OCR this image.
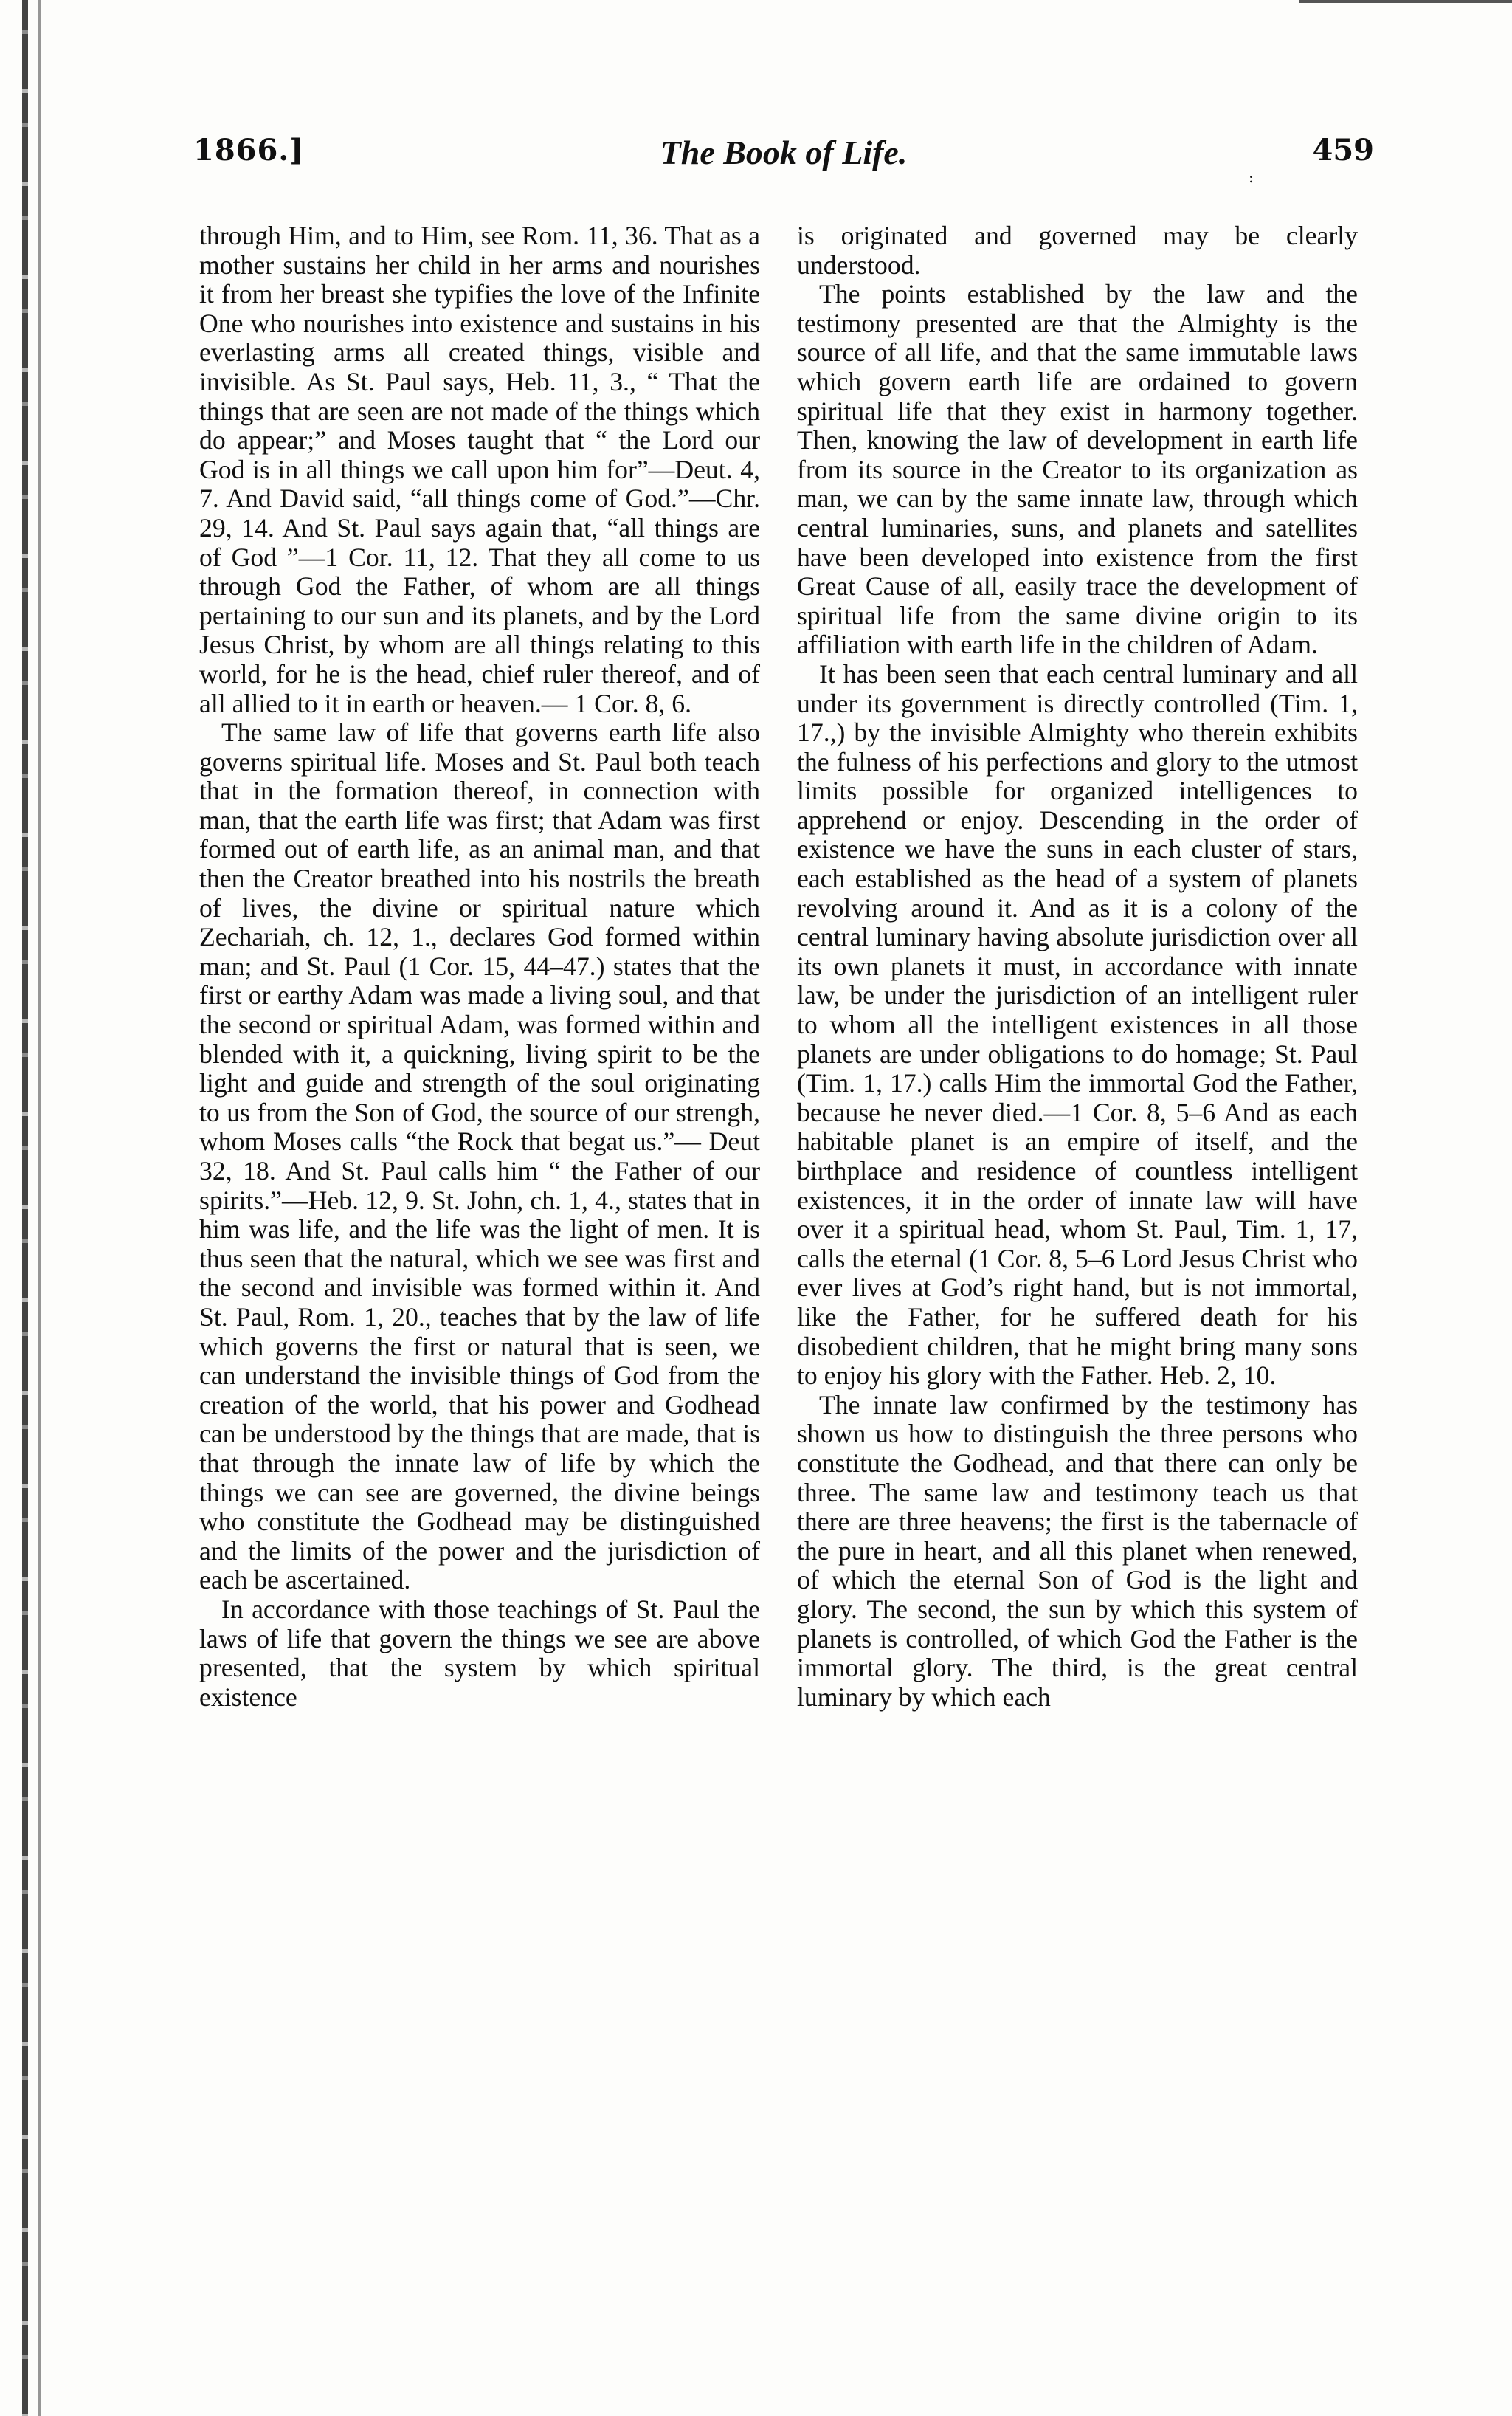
1866.]	The Book of Life.
:
459

through Him, and to Him, see Rom. 11, 36. That as a mother sustains her child in her arms and nourishes it from her breast she typifies the love of the Infinite One who nourishes into existence and sustains in his everlasting arms all created things, visible and invisible. As St. Paul says, Heb. 11, 3., “ That the things that are seen are not made of the things which do appear;” and Moses taught that “ the Lord our God is in all things we call upon him for”—Deut. 4, 7. And David said, “all things come of God.”—Chr. 29, 14. And St. Paul says again that, “all things are of God ”—1 Cor. 11, 12. That they all come to us through God the Father, of whom are all things pertaining to our sun and its planets, and by the Lord Jesus Christ, by whom are all things relating to this world, for he is the head, chief ruler thereof, and of all allied to it in earth or heaven.— 1 Cor. 8, 6.

The same law of life that governs earth life also governs spiritual life. Moses and St. Paul both teach that in the formation thereof, in connection with man, that the earth life was first; that Adam was first formed out of earth life, as an animal man, and that then the Creator breathed into his nostrils the breath of lives, the divine or spiritual nature which Zechariah, ch. 12, 1., declares God formed within man; and St. Paul (1 Cor. 15, 44–47.) states that the first or earthy Adam was made a living soul, and that the second or spiritual Adam, was formed within and blended with it, a quickning, living spirit to be the light and guide and strength of the soul originating to us from the Son of God, the source of our strengh, whom Moses calls “the Rock that begat us.”— Deut 32, 18. And St. Paul calls him “ the Father of our spirits.”—Heb. 12, 9. St. John, ch. 1, 4., states that in him was life, and the life was the light of men. It is thus seen that the natural, which we see was first and the second and invisible was formed within it. And St. Paul, Rom. 1, 20., teaches that by the law of life which governs the first or natural that is seen, we can understand the invisible things of God from the creation of the world, that his power and Godhead can be understood by the things that are made, that is that through the innate law of life by which the things we can see are governed, the divine beings who constitute the Godhead may be distinguished and the limits of the power and the jurisdiction of each be ascertained.

In accordance with those teachings of St. Paul the laws of life that govern the things we see are above presented, that the system by which spiritual existence

is originated and governed may be clearly understood.

The points established by the law and the testimony presented are that the Almighty is the source of all life, and that the same immutable laws which govern earth life are ordained to govern spiritual life that they exist in harmony together. Then, knowing the law of development in earth life from its source in the Creator to its organization as man, we can by the same innate law, through which central luminaries, suns, and planets and satellites have been developed into existence from the first Great Cause of all, easily trace the development of spiritual life from the same divine origin to its affiliation with earth life in the children of Adam.

It has been seen that each central luminary and all under its government is directly controlled (Tim. 1, 17.,) by the invisible Almighty who therein exhibits the fulness of his perfections and glory to the utmost limits possible for organized intelligences to apprehend or enjoy. Descending in the order of existence we have the suns in each cluster of stars, each established as the head of a system of planets revolving around it. And as it is a colony of the central luminary having absolute jurisdiction over all its own planets it must, in accordance with innate law, be under the jurisdiction of an intelligent ruler to whom all the intelligent existences in all those planets are under obligations to do homage; St. Paul (Tim. 1, 17.) calls Him the immortal God the Father, because he never died.—1 Cor. 8, 5–6 And as each habitable planet is an empire of itself, and the birthplace and residence of countless intelligent existences, it in the order of innate law will have over it a spiritual head, whom St. Paul, Tim. 1, 17, calls the eternal (1 Cor. 8, 5–6 Lord Jesus Christ who ever lives at God’s right hand, but is not immortal, like the Father, for he suffered death for his disobedient children, that he might bring many sons to enjoy his glory with the Father. Heb. 2, 10.

The innate law confirmed by the testimony has shown us how to distinguish the three persons who constitute the Godhead, and that there can only be three. The same law and testimony teach us that there are three heavens; the first is the tabernacle of the pure in heart, and all this planet when renewed, of which the eternal Son of God is the light and glory. The second, the sun by which this system of planets is controlled, of which God the Father is the immortal glory. The third, is the great central luminary by which each
